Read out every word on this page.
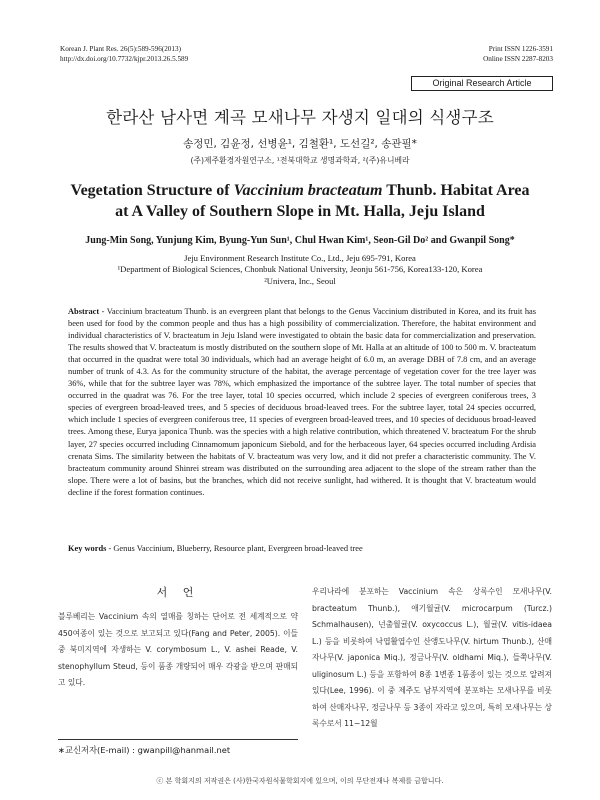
Korean J. Plant Res. 26(5):589-596(2013)
http://dx.doi.org/10.7732/kjpr.2013.26.5.589
Print ISSN 1226-3591
Online ISSN 2287-8203
Original Research Article
한라산 남사면 계곡 모새나무 자생지 일대의 식생구조
송정민, 김윤정, 선병윤¹, 김철환¹, 도선길², 송관필*
(주)제주환경자원연구소, ¹전북대학교 생명과학과, ²(주)유니베라
Vegetation Structure of Vaccinium bracteatum Thunb. Habitat Area
at A Valley of Southern Slope in Mt. Halla, Jeju Island
Jung-Min Song, Yunjung Kim, Byung-Yun Sun¹, Chul Hwan Kim¹, Seon-Gil Do² and Gwanpil Song*
Jeju Environment Research Institute Co., Ltd., Jeju 695-791, Korea
¹Department of Biological Sciences, Chonbuk National University, Jeonju 561-756, Korea133-120, Korea
²Univera, Inc., Seoul
Abstract - Vaccinium bracteatum Thunb. is an evergreen plant that belongs to the Genus Vaccinium distributed in Korea, and its fruit has been used for food by the common people and thus has a high possibility of commercialization. Therefore, the habitat environment and individual characteristics of V. bracteatum in Jeju Island were investigated to obtain the basic data for commercialization and preservation. The results showed that V. bracteatum is mostly distributed on the southern slope of Mt. Halla at an altitude of 100 to 500 m. V. bracteatum that occurred in the quadrat were total 30 individuals, which had an average height of 6.0 m, an average DBH of 7.8 cm, and an average number of trunk of 4.3. As for the community structure of the habitat, the average percentage of vegetation cover for the tree layer was 36%, while that for the subtree layer was 78%, which emphasized the importance of the subtree layer. The total number of species that occurred in the quadrat was 76. For the tree layer, total 10 species occurred, which include 2 species of evergreen coniferous trees, 3 species of evergreen broad-leaved trees, and 5 species of deciduous broad-leaved trees. For the subtree layer, total 24 species occurred, which include 1 species of evergreen coniferous tree, 11 species of evergreen broad-leaved trees, and 10 species of deciduous broad-leaved trees. Among these, Eurya japonica Thunb. was the species with a high relative contribution, which threatened V. bracteatum For the shrub layer, 27 species occurred including Cinnamomum japonicum Siebold, and for the herbaceous layer, 64 species occurred including Ardisia crenata Sims. The similarity between the habitats of V. bracteatum was very low, and it did not prefer a characteristic community. The V. bracteatum community around Shinrei stream was distributed on the surrounding area adjacent to the slope of the stream rather than the slope. There were a lot of basins, but the branches, which did not receive sunlight, had withered. It is thought that V. bracteatum would decline if the forest formation continues.
Key words - Genus Vaccinium, Blueberry, Resource plant, Evergreen broad-leaved tree
서 언
블루베리는 Vaccinium 속의 열매를 칭하는 단어로 전 세계적으로 약 450여종이 있는 것으로 보고되고 있다(Fang and Peter, 2005). 이들 중 북미지역에 자생하는 V. corymbosum L., V. ashei Reade, V. stenophyllum Steud, 등이 품종 개량되어 매우 각광을 받으며 판매되고 있다.
우리나라에 분포하는 Vaccinium 속은 상록수인 모새나무(V. bracteatum Thunb.), 애기월귤(V. microcarpum (Turcz.) Schmalhausen), 넌출월귤(V. oxycoccus L.), 월귤(V. vitis-idaea L.) 등을 비롯하여 낙엽활엽수인 산앵도나무(V. hirtum Thunb.), 산매자나무(V. japonica Miq.), 정금나무(V. oldhami Miq.), 들쭉나무(V. uliginosum L.) 등을 포함하여 8종 1변종 1품종이 있는 것으로 알려져 있다(Lee, 1996). 이 중 제주도 남부지역에 분포하는 모새나무를 비롯하여 산매자나무, 정금나무 등 3종이 자라고 있으며, 특히 모새나무는 상록수로서 11∼12월
∗교신저자(E-mail) : gwanpill@hanmail.net
ⓒ 본 학회지의 저작권은 (사)한국자원식물학회지에 있으며, 이의 무단전재나 복제를 금합니다.
